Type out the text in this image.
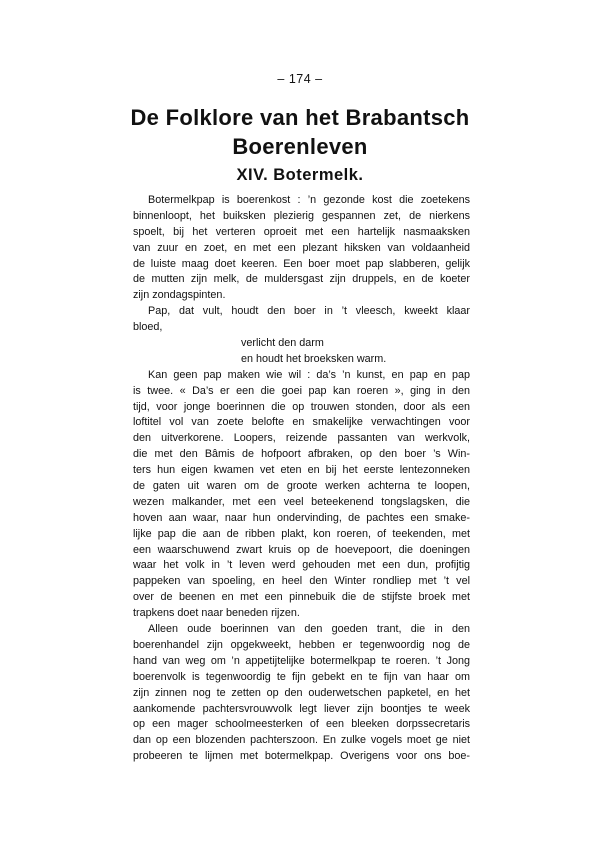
– 174 –
De Folklore van het Brabantsch
Boerenleven
XIV. Botermelk.
Botermelkpap is boerenkost : ’n gezonde kost die zoetekens
binnenloopt, het buiksken plezierig gespannen zet, de nierkens
spoelt, bij het verteren oproeit met een hartelijk nasmaaksken
van zuur en zoet, en met een plezant hiksken van voldaanheid
de luiste maag doet keeren. Een boer moet pap slabberen, gelijk
de mutten zijn melk, de muldersgast zijn druppels, en de koeter
zijn zondagspinten.
Pap, dat vult, houdt den boer in ’t vleesch, kweekt klaar
bloed,
verlicht den darm
en houdt het broeksken warm.
Kan geen pap maken wie wil : da’s ’n kunst, en pap en pap
is twee. « Da’s er een die goei pap kan roeren », ging in den
tijd, voor jonge boerinnen die op trouwen stonden, door als een
loftitel vol van zoete belofte en smakelijke verwachtingen voor
den uitverkorene. Loopers, reizende passanten van werkvolk,
die met den Bâmis de hofpoort afbraken, op den boer ’s Win-
ters hun eigen kwamen vet eten en bij het eerste lentezonneken
de gaten uit waren om de groote werken achterna te loopen,
wezen malkander, met een veel beteekenend tongslagsken, die
hoven aan waar, naar hun ondervinding, de pachtes een smake-
lijke pap die aan de ribben plakt, kon roeren, of teekenden, met
een waarschuwend zwart kruis op de hoevepoort, die doeningen
waar het volk in ’t leven werd gehouden met een dun, profijtig
pappeken van spoeling, en heel den Winter rondliep met ’t vel
over de beenen en met een pinnebuik die de stijfste broek met
trapkens doet naar beneden rijzen.
Alleen oude boerinnen van den goeden trant, die in den
boerenhandel zijn opgekweekt, hebben er tegenwoordig nog de
hand van weg om ’n appetijtelijke botermelkpap te roeren. ’t Jong
boerenvolk is tegenwoordig te fijn gebekt en te fijn van haar om
zijn zinnen nog te zetten op den ouderwetschen papketel, en het
aankomende pachtersvrouwvolk legt liever zijn boontjes te week
op een mager schoolmeesterken of een bleeken dorpssecretaris
dan op een blozenden pachterszoon. En zulke vogels moet ge niet
probeeren te lijmen met botermelkpap. Overigens voor ons boe-
